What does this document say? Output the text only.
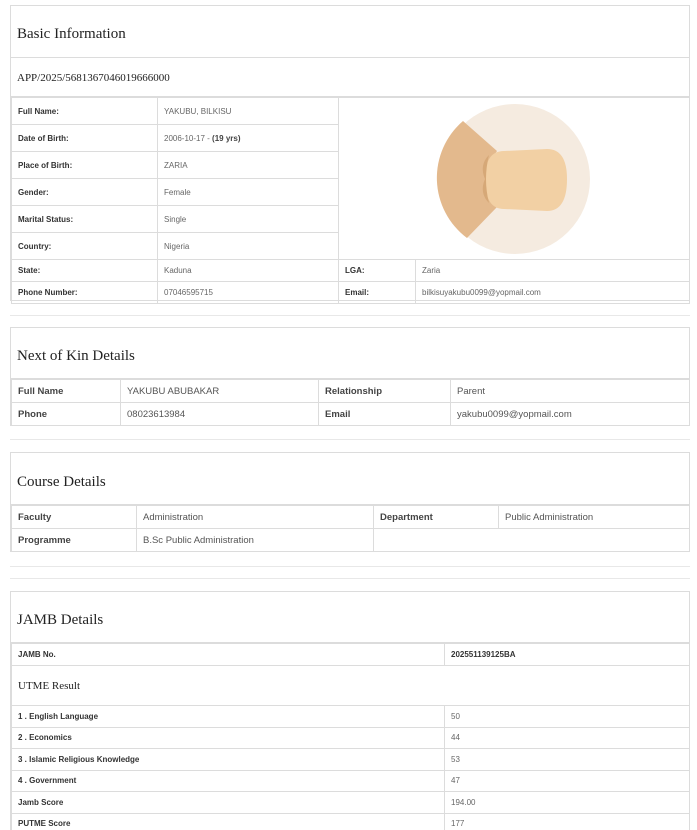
Basic Information
APP/2025/5681367046019666000
Full Name:	YAKUBU, BILKISU	

Date of Birth:	2006-10-17 - (19 yrs)		
Place of Birth:	ZARIA		
Gender:	Female		
Marital Status:	Single		
Country:	Nigeria		
State:	Kaduna	LGA:	Zaria
Phone Number:	07046595715	Email:	bilkisuyakubu0099@yopmail.com
Next of Kin Details
Full Name	YAKUBU ABUBAKAR	Relationship	Parent
Phone	08023613984	Email	yakubu0099@yopmail.com
Course Details
Faculty	Administration	Department	Public Administration
Programme	B.Sc Public Administration		
JAMB Details
JAMB No.	202551139125BA
UTME Result	
1 . English Language	50
2 . Economics	44
3 . Islamic Religious Knowledge	53
4 . Government	47
Jamb Score	194.00
PUTME Score	177
